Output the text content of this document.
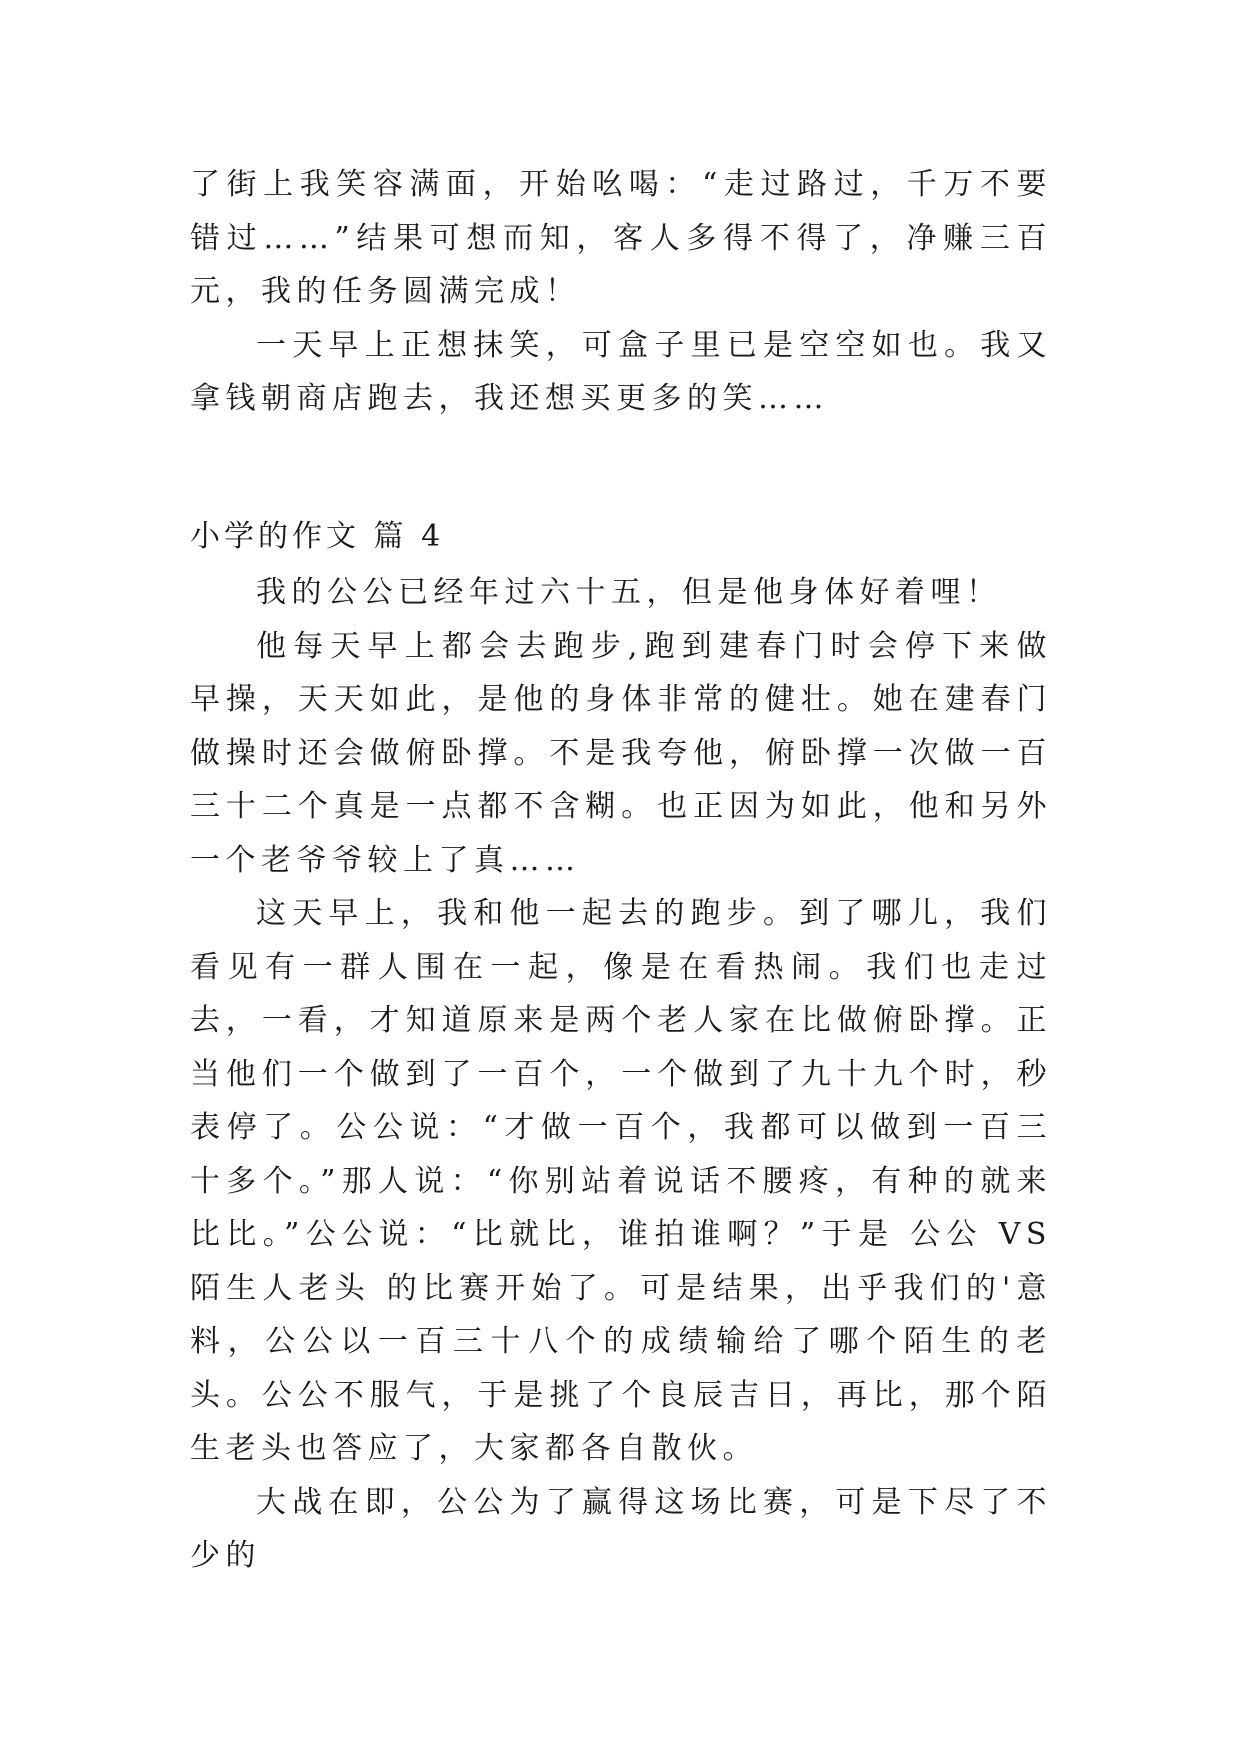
了街上我笑容满面，开始吆喝：“走过路过，千万不要错过……”结果可想而知，客人多得不得了，净赚三百元，我的任务圆满完成！

一天早上正想抹笑，可盒子里已是空空如也。我又拿钱朝商店跑去，我还想买更多的笑……

小学的作文 篇 4

我的公公已经年过六十五，但是他身体好着哩！

他每天早上都会去跑步,跑到建春门时会停下来做早操，天天如此，是他的身体非常的健壮。她在建春门做操时还会做俯卧撑。不是我夸他，俯卧撑一次做一百三十二个真是一点都不含糊。也正因为如此，他和另外一个老爷爷较上了真……

这天早上，我和他一起去的跑步。到了哪儿，我们看见有一群人围在一起，像是在看热闹。我们也走过去，一看，才知道原来是两个老人家在比做俯卧撑。正当他们一个做到了一百个，一个做到了九十九个时，秒表停了。公公说：“才做一百个，我都可以做到一百三十多个。”那人说：“你别站着说话不腰疼，有种的就来比比。”公公说：“比就比，谁拍谁啊？”于是 公公 VS 陌生人老头 的比赛开始了。可是结果，出乎我们的'意料，公公以一百三十八个的成绩输给了哪个陌生的老头。公公不服气，于是挑了个良辰吉日，再比，那个陌生老头也答应了，大家都各自散伙。

大战在即，公公为了赢得这场比赛，可是下尽了不少的
